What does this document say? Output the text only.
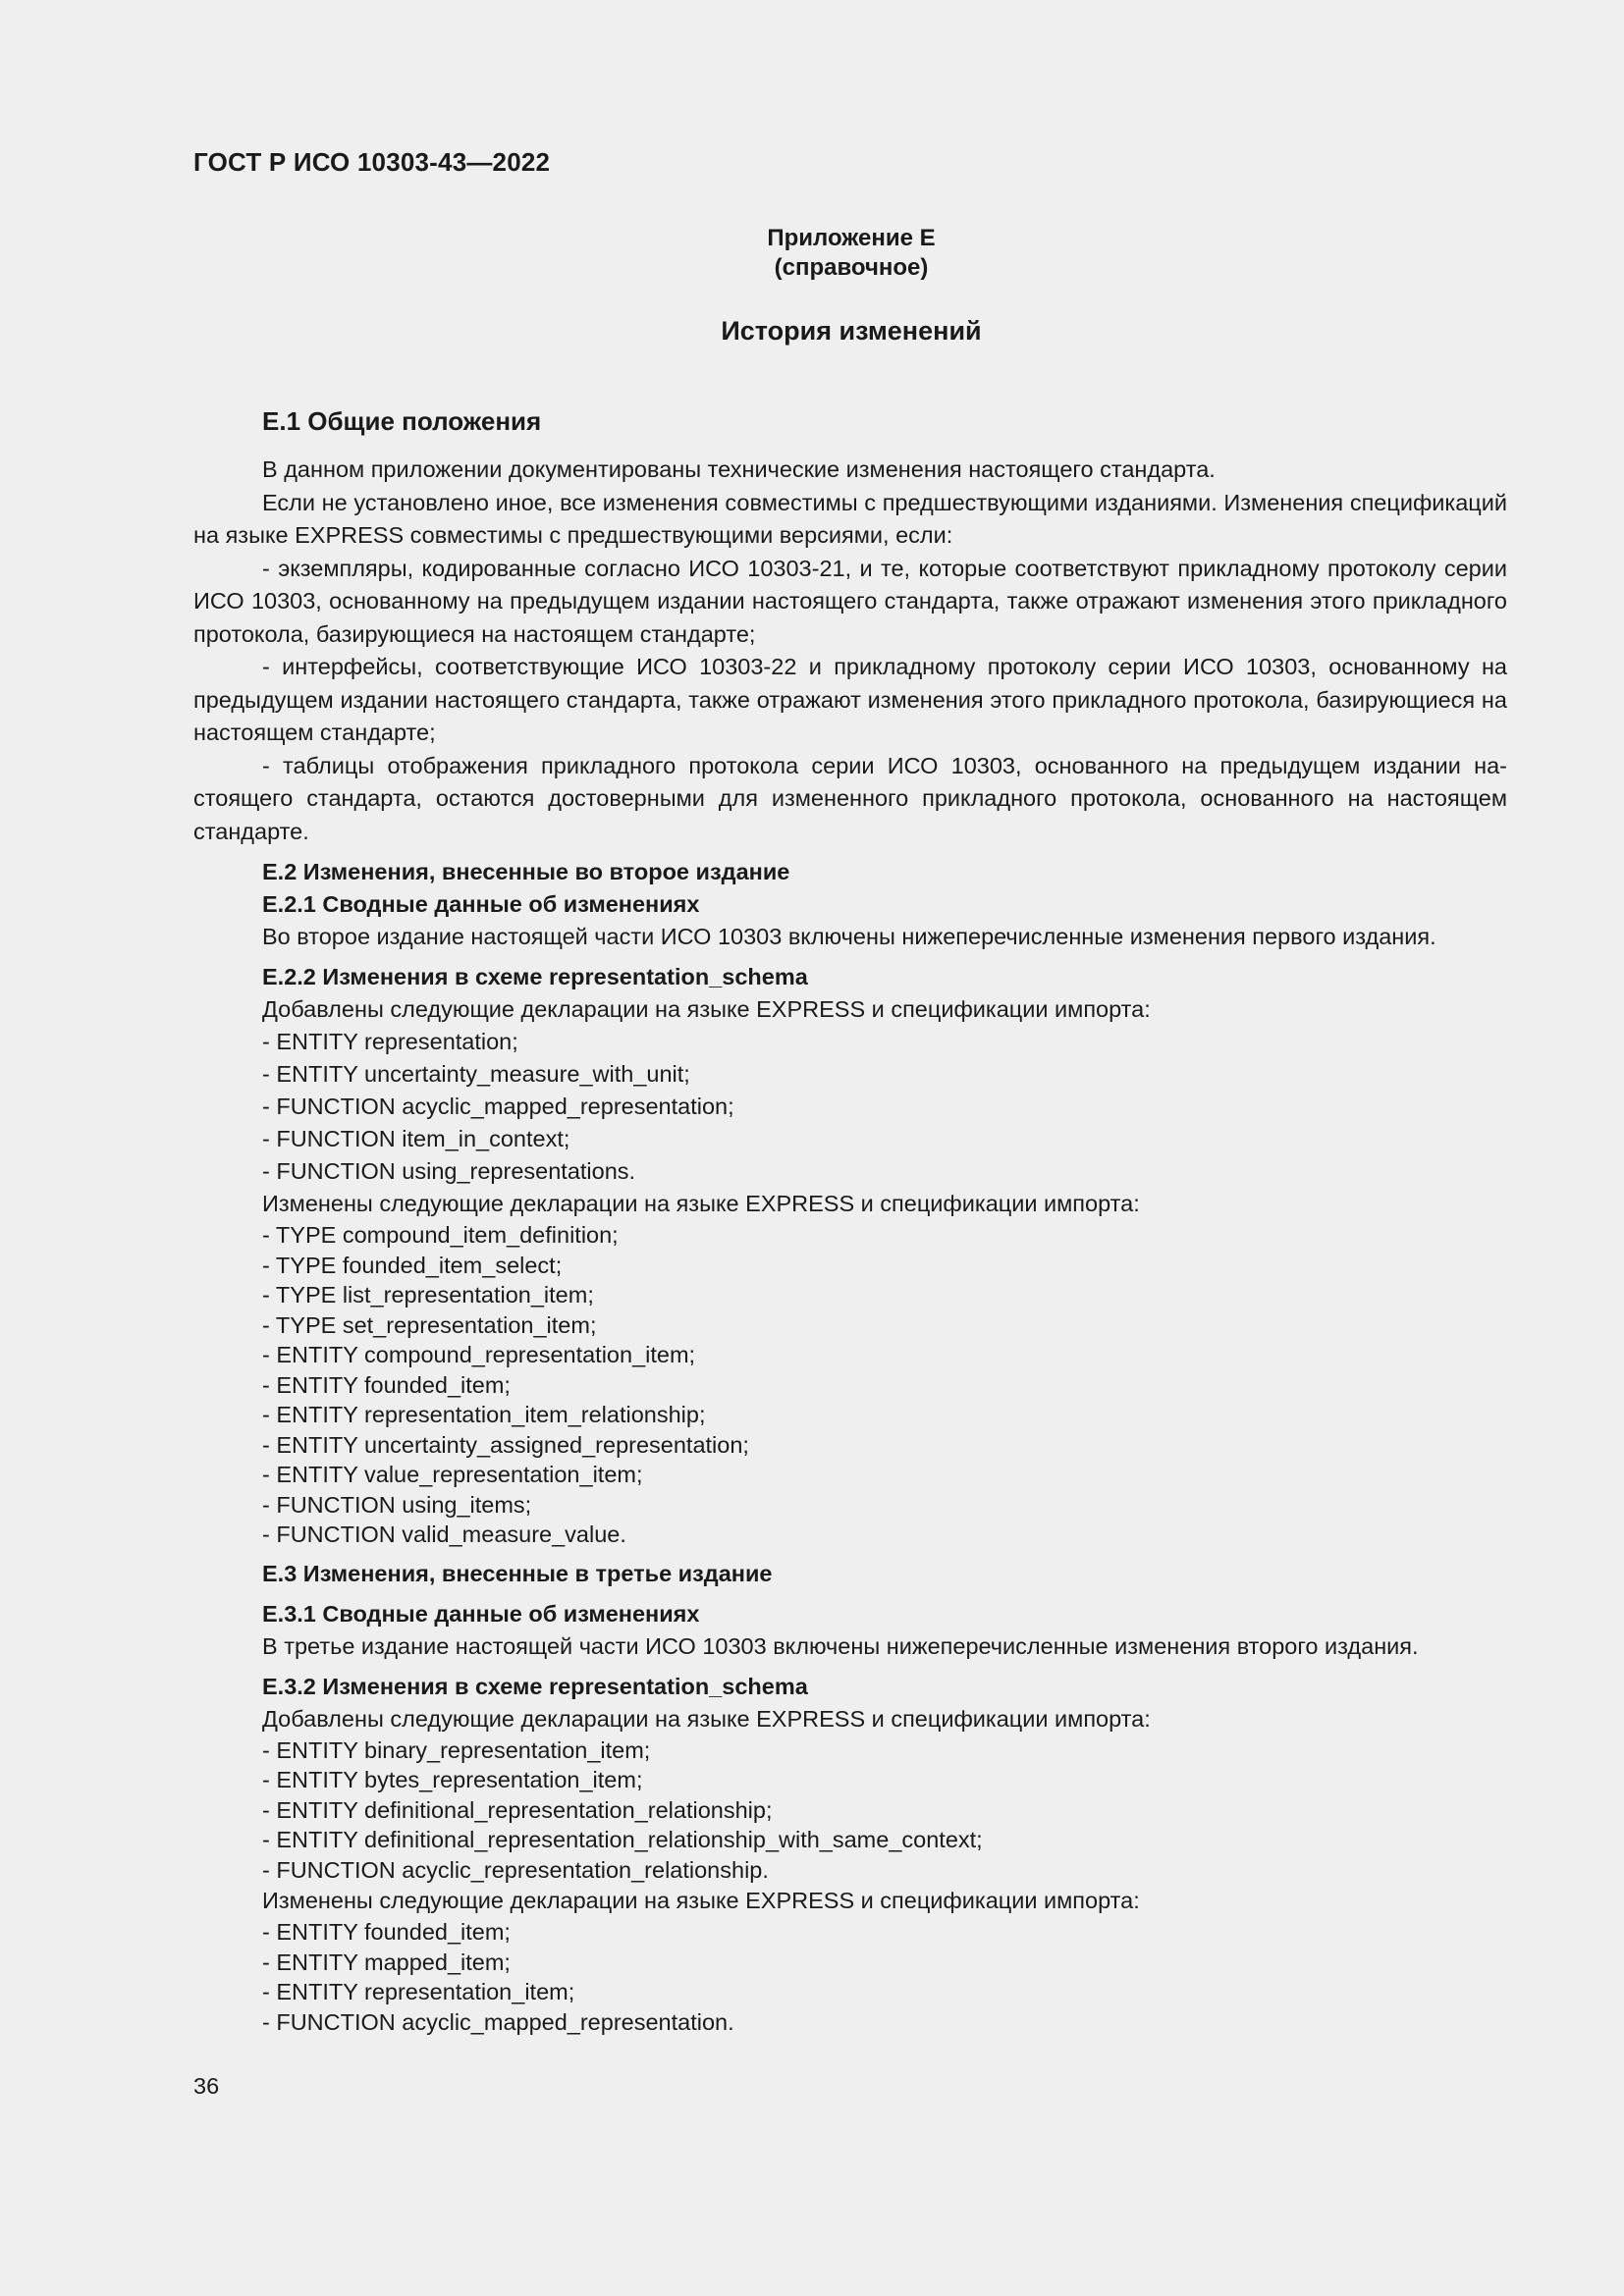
ГОСТ Р ИСО 10303-43—2022
Приложение Е
(справочное)
История изменений
Е.1 Общие положения

В данном приложении документированы технические изменения настоящего стандарта.

Если не установлено иное, все изменения совместимы с предшествующими изданиями. Изменения спецификаций на языке EXPRESS совместимы с предшествующими версиями, если:

- экземпляры, кодированные согласно ИСО 10303-21, и те, которые соответствуют прикладному протоколу серии ИСО 10303, основанному на предыдущем издании настоящего стандарта, также отражают изменения этого прикладного протокола, базирующиеся на настоящем стандарте;

- интерфейсы, соответствующие ИСО 10303-22 и прикладному протоколу серии ИСО 10303, основанному на предыдущем издании настоящего стандарта, также отражают изменения этого прикладного протокола, базирующиеся на настоящем стандарте;

- таблицы отображения прикладного протокола серии ИСО 10303, основанного на предыдущем издании настоящего стандарта, остаются достоверными для измененного прикладного протокола, основанного на настоящем стандарте.

Е.2 Изменения, внесенные во второе издание
Е.2.1 Сводные данные об изменениях

Во второе издание настоящей части ИСО 10303 включены нижеперечисленные изменения первого издания.

Е.2.2 Изменения в схеме representation_schema

Добавлены следующие декларации на языке EXPRESS и спецификации импорта:

- ENTITY representation;
- ENTITY uncertainty_measure_with_unit;
- FUNCTION acyclic_mapped_representation;
- FUNCTION item_in_context;
- FUNCTION using_representations.

Изменены следующие декларации на языке EXPRESS и спецификации импорта:

- TYPE compound_item_definition;
- TYPE founded_item_select;
- TYPE list_representation_item;
- TYPE set_representation_item;
- ENTITY compound_representation_item;
- ENTITY founded_item;
- ENTITY representation_item_relationship;
- ENTITY uncertainty_assigned_representation;
- ENTITY value_representation_item;
- FUNCTION using_items;
- FUNCTION valid_measure_value.
Е.3 Изменения, внесенные в третье издание
Е.3.1 Сводные данные об изменениях

В третье издание настоящей части ИСО 10303 включены нижеперечисленные изменения второго издания.

Е.3.2 Изменения в схеме representation_schema

Добавлены следующие декларации на языке EXPRESS и спецификации импорта:

- ENTITY binary_representation_item;
- ENTITY bytes_representation_item;
- ENTITY definitional_representation_relationship;
- ENTITY definitional_representation_relationship_with_same_context;
- FUNCTION acyclic_representation_relationship.

Изменены следующие декларации на языке EXPRESS и спецификации импорта:

- ENTITY founded_item;
- ENTITY mapped_item;
- ENTITY representation_item;
- FUNCTION acyclic_mapped_representation.

36
